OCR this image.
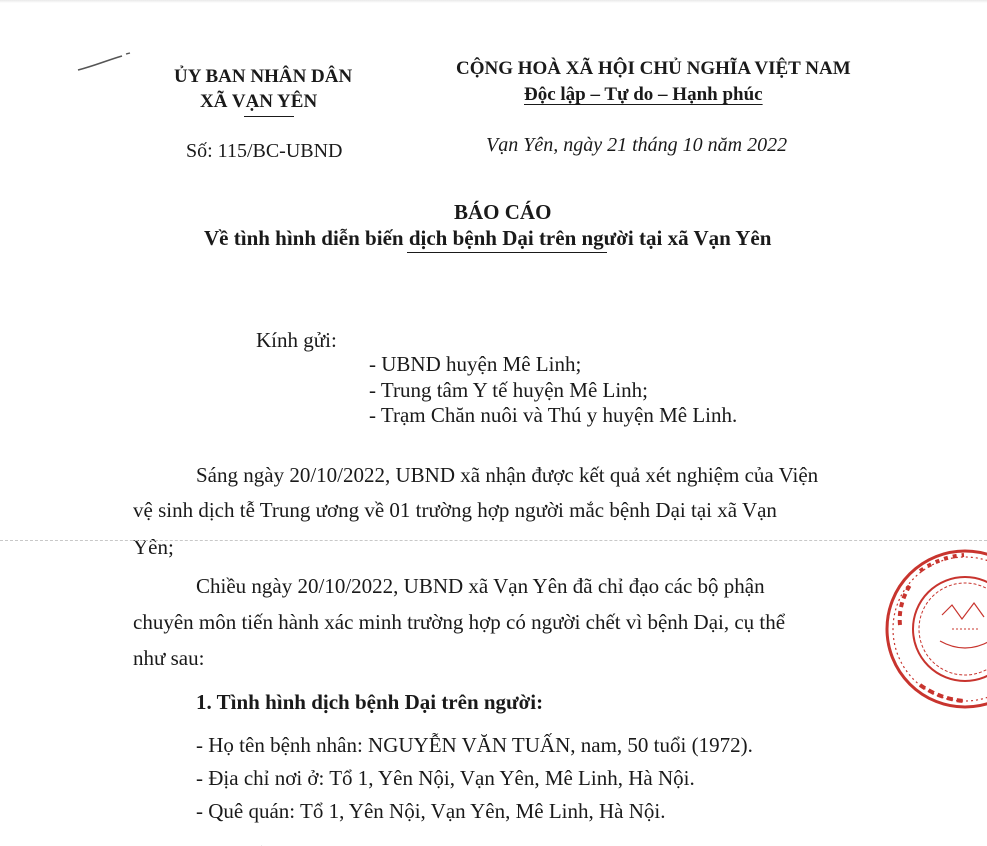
ỦY BAN NHÂN DÂN
XÃ VẠN YÊN
CỘNG HOÀ XÃ HỘI CHỦ NGHĨA VIỆT NAM
Độc lập – Tự do – Hạnh phúc
Số: 115/BC-UBND	Vạn Yên, ngày 21 tháng 10 năm 2022
BÁO CÁO
Về tình hình diễn biến dịch bệnh Dại trên người tại xã Vạn Yên
Kính gửi:
- UBND huyện Mê Linh;
- Trung tâm Y tế huyện Mê Linh;
- Trạm Chăn nuôi và Thú y huyện Mê Linh.
Sáng ngày 20/10/2022, UBND xã nhận được kết quả xét nghiệm của Viện
vệ sinh dịch tễ Trung ương về 01 trường hợp người mắc bệnh Dại tại xã Vạn
Yên;
Chiều ngày 20/10/2022, UBND xã Vạn Yên đã chỉ đạo các bộ phận
chuyên môn tiến hành xác minh trường hợp có người chết vì bệnh Dại, cụ thể
như sau:
1. Tình hình dịch bệnh Dại trên người:
- Họ tên bệnh nhân: NGUYỄN VĂN TUẤN, nam, 50 tuổi (1972).
- Địa chỉ nơi ở: Tổ 1, Yên Nội, Vạn Yên, Mê Linh, Hà Nội.
- Quê quán: Tổ 1, Yên Nội, Vạn Yên, Mê Linh, Hà Nội.
